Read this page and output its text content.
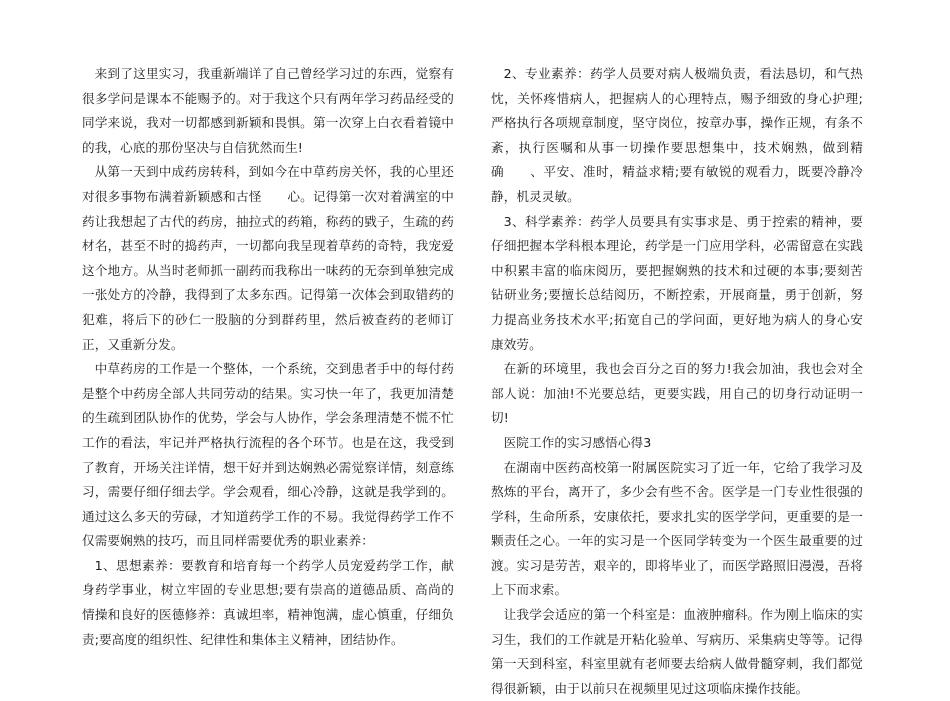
来到了这里实习，我重新端详了自己曾经学习过的东西，觉察有很多学问是课本不能赐予的。对于我这个只有两年学习药品经受的同学来说，我对一切都感到新颖和畏惧。第一次穿上白衣看着镜中的我，心底的那份坚决与自信犹然而生!

从第一天到中成药房转科，到如今在中草药房关怀，我的心里还对很多事物布满着新颖感和古怪　　心。记得第一次对着满室的中药让我想起了古代的药房，抽拉式的药箱，称药的戥子，生疏的药材名，甚至不时的捣药声，一切都向我呈现着草药的奇特，我宠爱这个地方。从当时老师抓一副药而我称出一味药的无奈到单独完成一张处方的冷静，我得到了太多东西。记得第一次体会到取错药的犯难，将后下的砂仁一股脑的分到群药里，然后被查药的老师订正，又重新分发。

中草药房的工作是一个整体，一个系统，交到患者手中的每付药是整个中药房全部人共同劳动的结果。实习快一年了，我更加清楚的生疏到团队协作的优势，学会与人协作，学会条理清楚不慌不忙工作的看法，牢记并严格执行流程的各个环节。也是在这，我受到了教育，开场关注详情，想干好并到达娴熟必需觉察详情，刻意练习，需要仔细仔细去学。学会观看，细心冷静，这就是我学到的。通过这么多天的劳碌，才知道药学工作的不易。我觉得药学工作不仅需要娴熟的技巧，而且同样需要优秀的职业素养：

1、思想素养：要教育和培育每一个药学人员宠爱药学工作，献身药学事业，树立牢固的专业思想;要有崇高的道德品质、高尚的情操和良好的医德修养：真诚坦率，精神饱满，虚心慎重，仔细负责;要高度的组织性、纪律性和集体主义精神，团结协作。

2、专业素养：药学人员要对病人极端负责，看法恳切，和气热忱，关怀疼惜病人，把握病人的心理特点，赐予细致的身心护理;严格执行各项规章制度，坚守岗位，按章办事，操作正规，有条不紊，执行医嘱和从事一切操作要思想集中，技术娴熟，做到精确　　、平安、准时，精益求精;要有敏锐的观看力，既要冷静冷静，机灵灵敏。

3、科学素养：药学人员要具有实事求是、勇于控索的精神，要仔细把握本学科根本理论，药学是一门应用学科，必需留意在实践中积累丰富的临床阅历，要把握娴熟的技术和过硬的本事;要刻苦钻研业务;要擅长总结阅历，不断控索，开展商量，勇于创新，努力提高业务技术水平;拓宽自己的学问面，更好地为病人的身心安康效劳。

在新的环境里，我也会百分之百的努力!我会加油，我也会对全部人说：加油!不光要总结，更要实践，用自己的切身行动证明一切!

医院工作的实习感悟心得3

在湖南中医药高校第一附属医院实习了近一年，它给了我学习及熬炼的平台，离开了，多少会有些不舍。医学是一门专业性很强的学科，生命所系，安康依托，要求扎实的医学学问，更重要的是一颗责任之心。一年的实习是一个医同学转变为一个医生最重要的过渡。实习是劳苦，艰辛的，即将毕业了，而医学路照旧漫漫，吾将上下而求索。

让我学会适应的第一个科室是：血液肿瘤科。作为刚上临床的实习生，我们的工作就是开粘化验单、写病历、采集病史等等。记得第一天到科室，科室里就有老师要去给病人做骨髓穿刺，我们都觉得很新颖，由于以前只在视频里见过这项临床操作技能。
